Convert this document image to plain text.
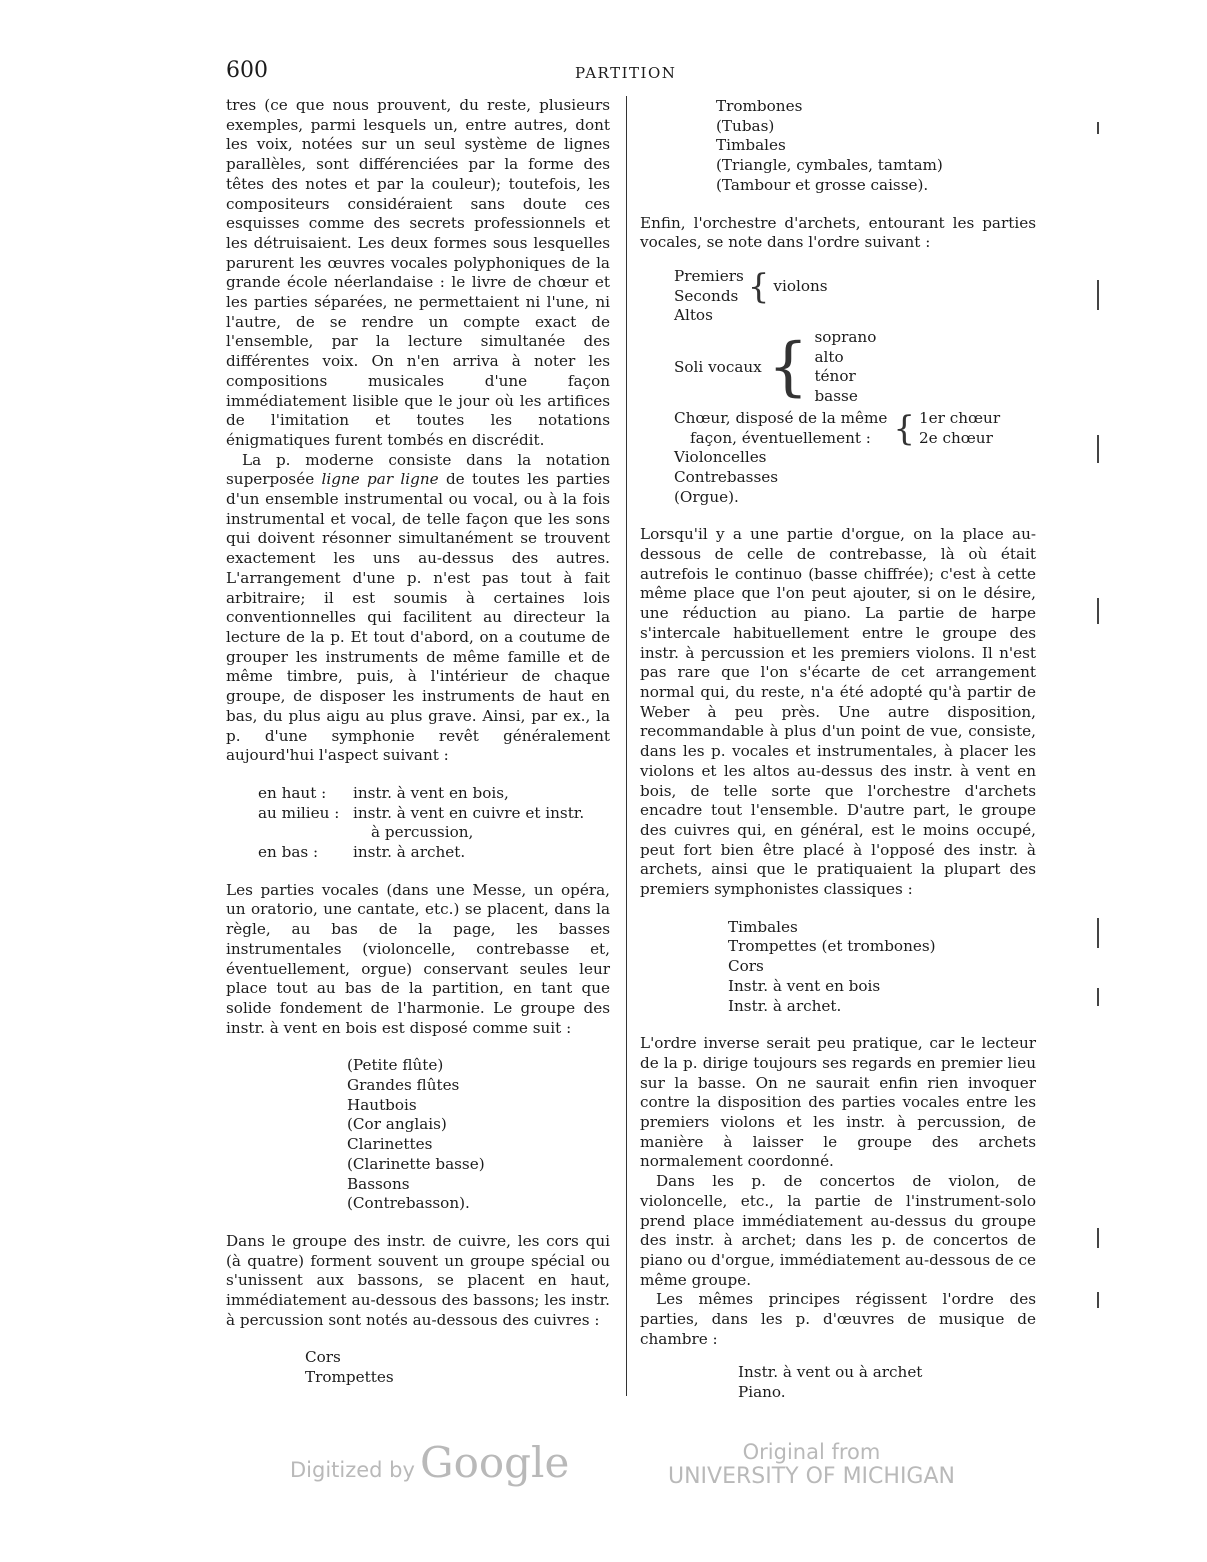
600	PARTITION

tres (ce que nous prouvent, du reste, plusieurs exemples, parmi lesquels un, entre autres, dont les voix, notées sur un seul système de lignes parallèles, sont différenciées par la forme des têtes des notes et par la couleur); toutefois, les compositeurs considéraient sans doute ces esquisses comme des secrets professionnels et les détruisaient. Les deux formes sous lesquelles parurent les œuvres vocales polyphoniques de la grande école néerlandaise : le livre de chœur et les parties séparées, ne permettaient ni l'une, ni l'autre, de se rendre un compte exact de l'ensemble, par la lecture simultanée des différentes voix. On n'en arriva à noter les compositions musicales d'une façon immédiatement lisible que le jour où les artifices de l'imitation et toutes les notations énigmatiques furent tombés en discrédit.

La p. moderne consiste dans la notation superposée ligne par ligne de toutes les parties d'un ensemble instrumental ou vocal, ou à la fois instrumental et vocal, de telle façon que les sons qui doivent résonner simultanément se trouvent exactement les uns au-dessus des autres. L'arrangement d'une p. n'est pas tout à fait arbitraire; il est soumis à certaines lois conventionnelles qui facilitent au directeur la lecture de la p. Et tout d'abord, on a coutume de grouper les instruments de même famille et de même timbre, puis, à l'intérieur de chaque groupe, de disposer les instruments de haut en bas, du plus aigu au plus grave. Ainsi, par ex., la p. d'une symphonie revêt généralement aujourd'hui l'aspect suivant :

en haut :	instr. à vent en bois,
au milieu : instr. à vent en cuivre et instr.
à percussion,
en bas :	instr. à archet.

Les parties vocales (dans une Messe, un opéra, un oratorio, une cantate, etc.) se placent, dans la règle, au bas de la page, les basses instrumentales (violoncelle, contrebasse et, éventuellement, orgue) conservant seules leur place tout au bas de la partition, en tant que solide fondement de l'harmonie. Le groupe des instr. à vent en bois est disposé comme suit :

(Petite flûte)
Grandes flûtes
Hautbois
(Cor anglais)
Clarinettes
(Clarinette basse)
Bassons
(Contrebasson).

Dans le groupe des instr. de cuivre, les cors qui (à quatre) forment souvent un groupe spécial ou s'unissent aux bassons, se placent en haut, immédiatement au-dessous des bassons; les instr. à percussion sont notés au-dessous des cuivres :

Cors
Trompettes
Trombones
(Tubas)
Timbales
(Triangle, cymbales, tamtam)
(Tambour et grosse caisse).

Enfin, l'orchestre d'archets, entourant les parties vocales, se note dans l'ordre suivant :

Premiers
Seconds { violons
Altos
Soli vocaux { soprano
alto
ténor
basse
Chœur, disposé de la même
façon, éventuellement : { 1er chœur
2e chœur
Violoncelles
Contrebasses
(Orgue).

Lorsqu'il y a une partie d'orgue, on la place au-dessous de celle de contrebasse, là où était autrefois le continuo (basse chiffrée); c'est à cette même place que l'on peut ajouter, si on le désire, une réduction au piano. La partie de harpe s'intercale habituellement entre le groupe des instr. à percussion et les premiers violons. Il n'est pas rare que l'on s'écarte de cet arrangement normal qui, du reste, n'a été adopté qu'à partir de Weber à peu près. Une autre disposition, recommandable à plus d'un point de vue, consiste, dans les p. vocales et instrumentales, à placer les violons et les altos au-dessus des instr. à vent en bois, de telle sorte que l'orchestre d'archets encadre tout l'ensemble. D'autre part, le groupe des cuivres qui, en général, est le moins occupé, peut fort bien être placé à l'opposé des instr. à archets, ainsi que le pratiquaient la plupart des premiers symphonistes classiques :

Timbales
Trompettes (et trombones)
Cors
Instr. à vent en bois
Instr. à archet.

L'ordre inverse serait peu pratique, car le lecteur de la p. dirige toujours ses regards en premier lieu sur la basse. On ne saurait enfin rien invoquer contre la disposition des parties vocales entre les premiers violons et les instr. à percussion, de manière à laisser le groupe des archets normalement coordonné.

Dans les p. de concertos de violon, de violoncelle, etc., la partie de l'instrument-solo prend place immédiatement au-dessus du groupe des instr. à archet; dans les p. de concertos de piano ou d'orgue, immédiatement au-dessous de ce même groupe.

Les mêmes principes régissent l'ordre des parties, dans les p. d'œuvres de musique de chambre :

Instr. à vent ou à archet
Piano.
Digitized by Google	Original from
UNIVERSITY OF MICHIGAN
